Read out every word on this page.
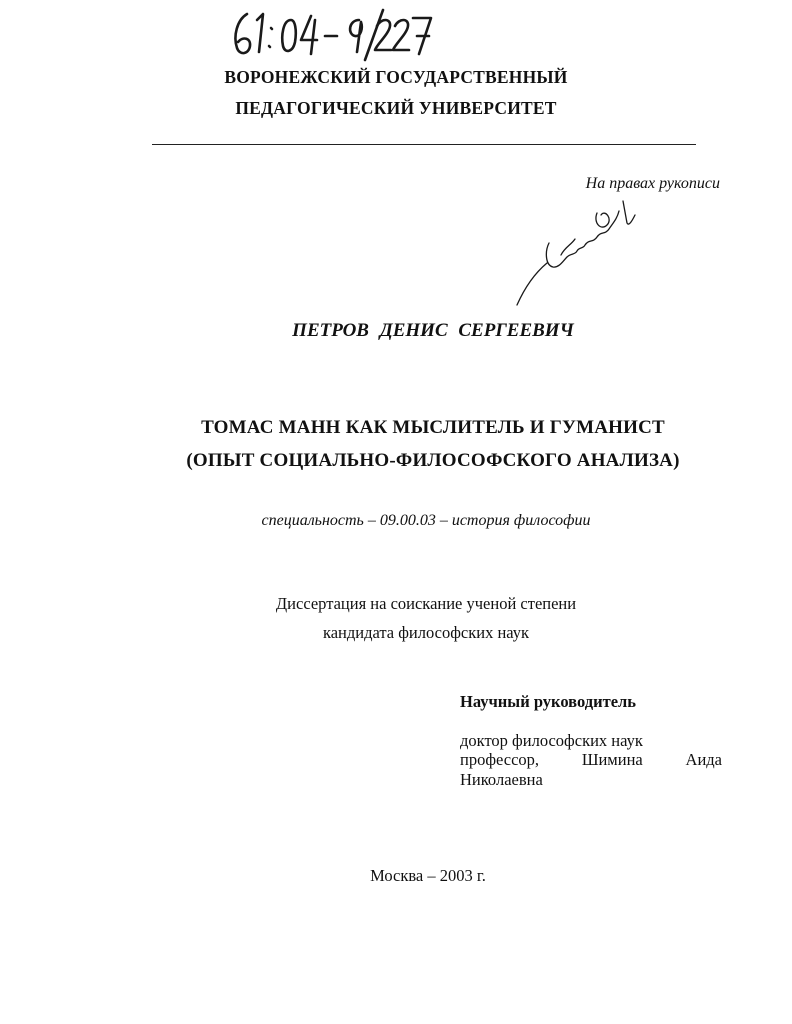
ВОРОНЕЖСКИЙ ГОСУДАРСТВЕННЫЙ
ПЕДАГОГИЧЕСКИЙ УНИВЕРСИТЕТ
На правах рукописи
ПЕТРОВ ДЕНИС СЕРГЕЕВИЧ
ТОМАС МАНН КАК МЫСЛИТЕЛЬ И ГУМАНИСТ
(ОПЫТ СОЦИАЛЬНО-ФИЛОСОФСКОГО АНАЛИЗА)
специальность – 09.00.03 – история философии
Диссертация на соискание ученой степени
кандидата философских наук
Научный руководитель
доктор философских наук
профессор,	Шимина	Аида
Николаевна
Москва – 2003 г.
